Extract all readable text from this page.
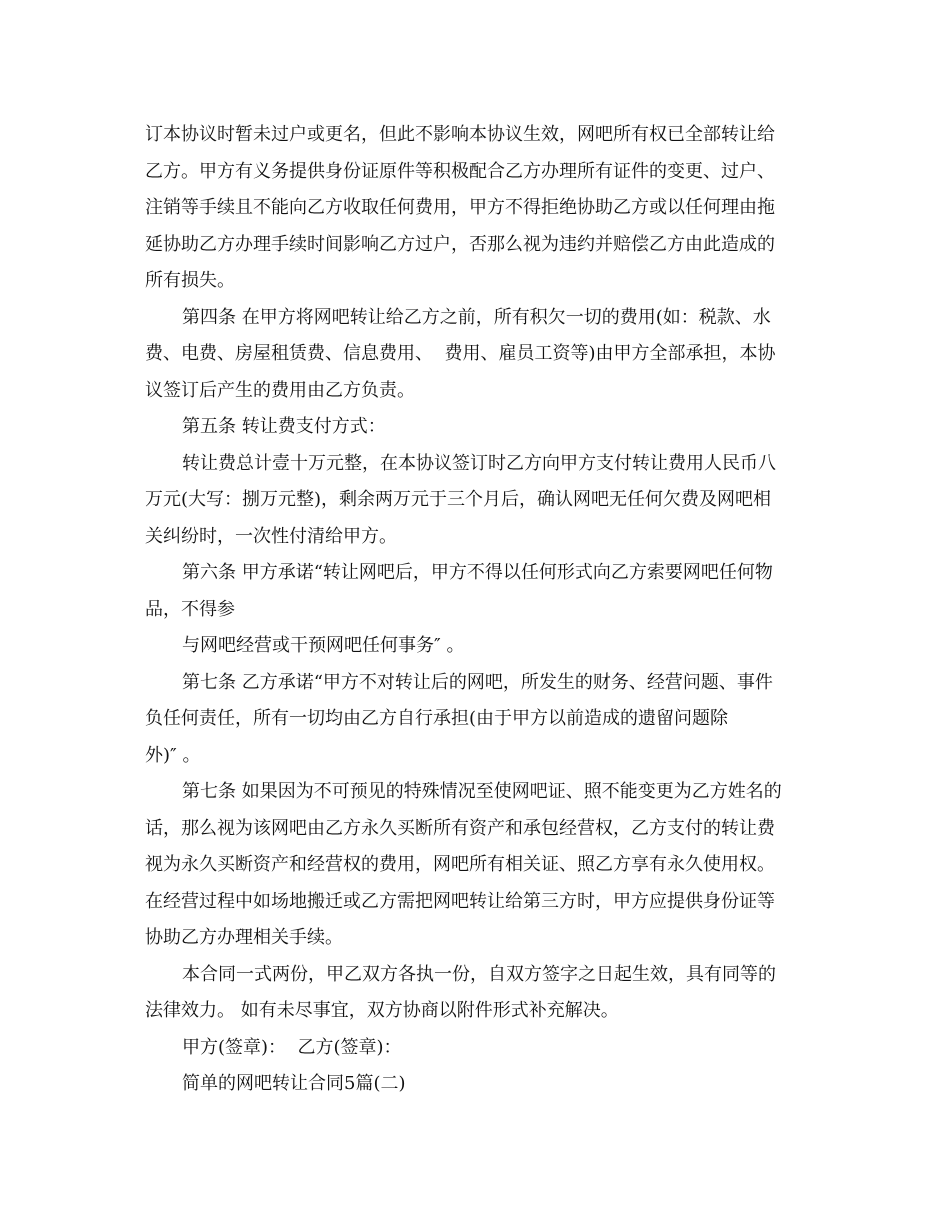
订本协议时暂未过户或更名，但此不影响本协议生效，网吧所有权已全部转让给
乙方。甲方有义务提供身份证原件等积极配合乙方办理所有证件的变更、过户、
注销等手续且不能向乙方收取任何费用，甲方不得拒绝协助乙方或以任何理由拖
延协助乙方办理手续时间影响乙方过户，否那么视为违约并赔偿乙方由此造成的
所有损失。
第四条 在甲方将网吧转让给乙方之前，所有积欠一切的费用(如：税款、水
费、电费、房屋租赁费、信息费用、  费用、雇员工资等)由甲方全部承担，本协
议签订后产生的费用由乙方负责。
第五条 转让费支付方式：
转让费总计壹十万元整，在本协议签订时乙方向甲方支付转让费用人民币八
万元(大写：捌万元整)，剩余两万元于三个月后，确认网吧无任何欠费及网吧相
关纠纷时，一次性付清给甲方。
第六条 甲方承诺“转让网吧后，甲方不得以任何形式向乙方索要网吧任何物
品，不得参
与网吧经营或干预网吧任何事务″ 。
第七条 乙方承诺“甲方不对转让后的网吧，所发生的财务、经营问题、事件
负任何责任，所有一切均由乙方自行承担(由于甲方以前造成的遗留问题除
外)″ 。
第七条 如果因为不可预见的特殊情况至使网吧证、照不能变更为乙方姓名的
话，那么视为该网吧由乙方永久买断所有资产和承包经营权，乙方支付的转让费
视为永久买断资产和经营权的费用，网吧所有相关证、照乙方享有永久使用权。
在经营过程中如场地搬迁或乙方需把网吧转让给第三方时，甲方应提供身份证等
协助乙方办理相关手续。
本合同一式两份，甲乙双方各执一份，自双方签字之日起生效，具有同等的
法律效力。 如有未尽事宜，双方协商以附件形式补充解决。
甲方(签章)：  乙方(签章)：
简单的网吧转让合同5篇(二)
